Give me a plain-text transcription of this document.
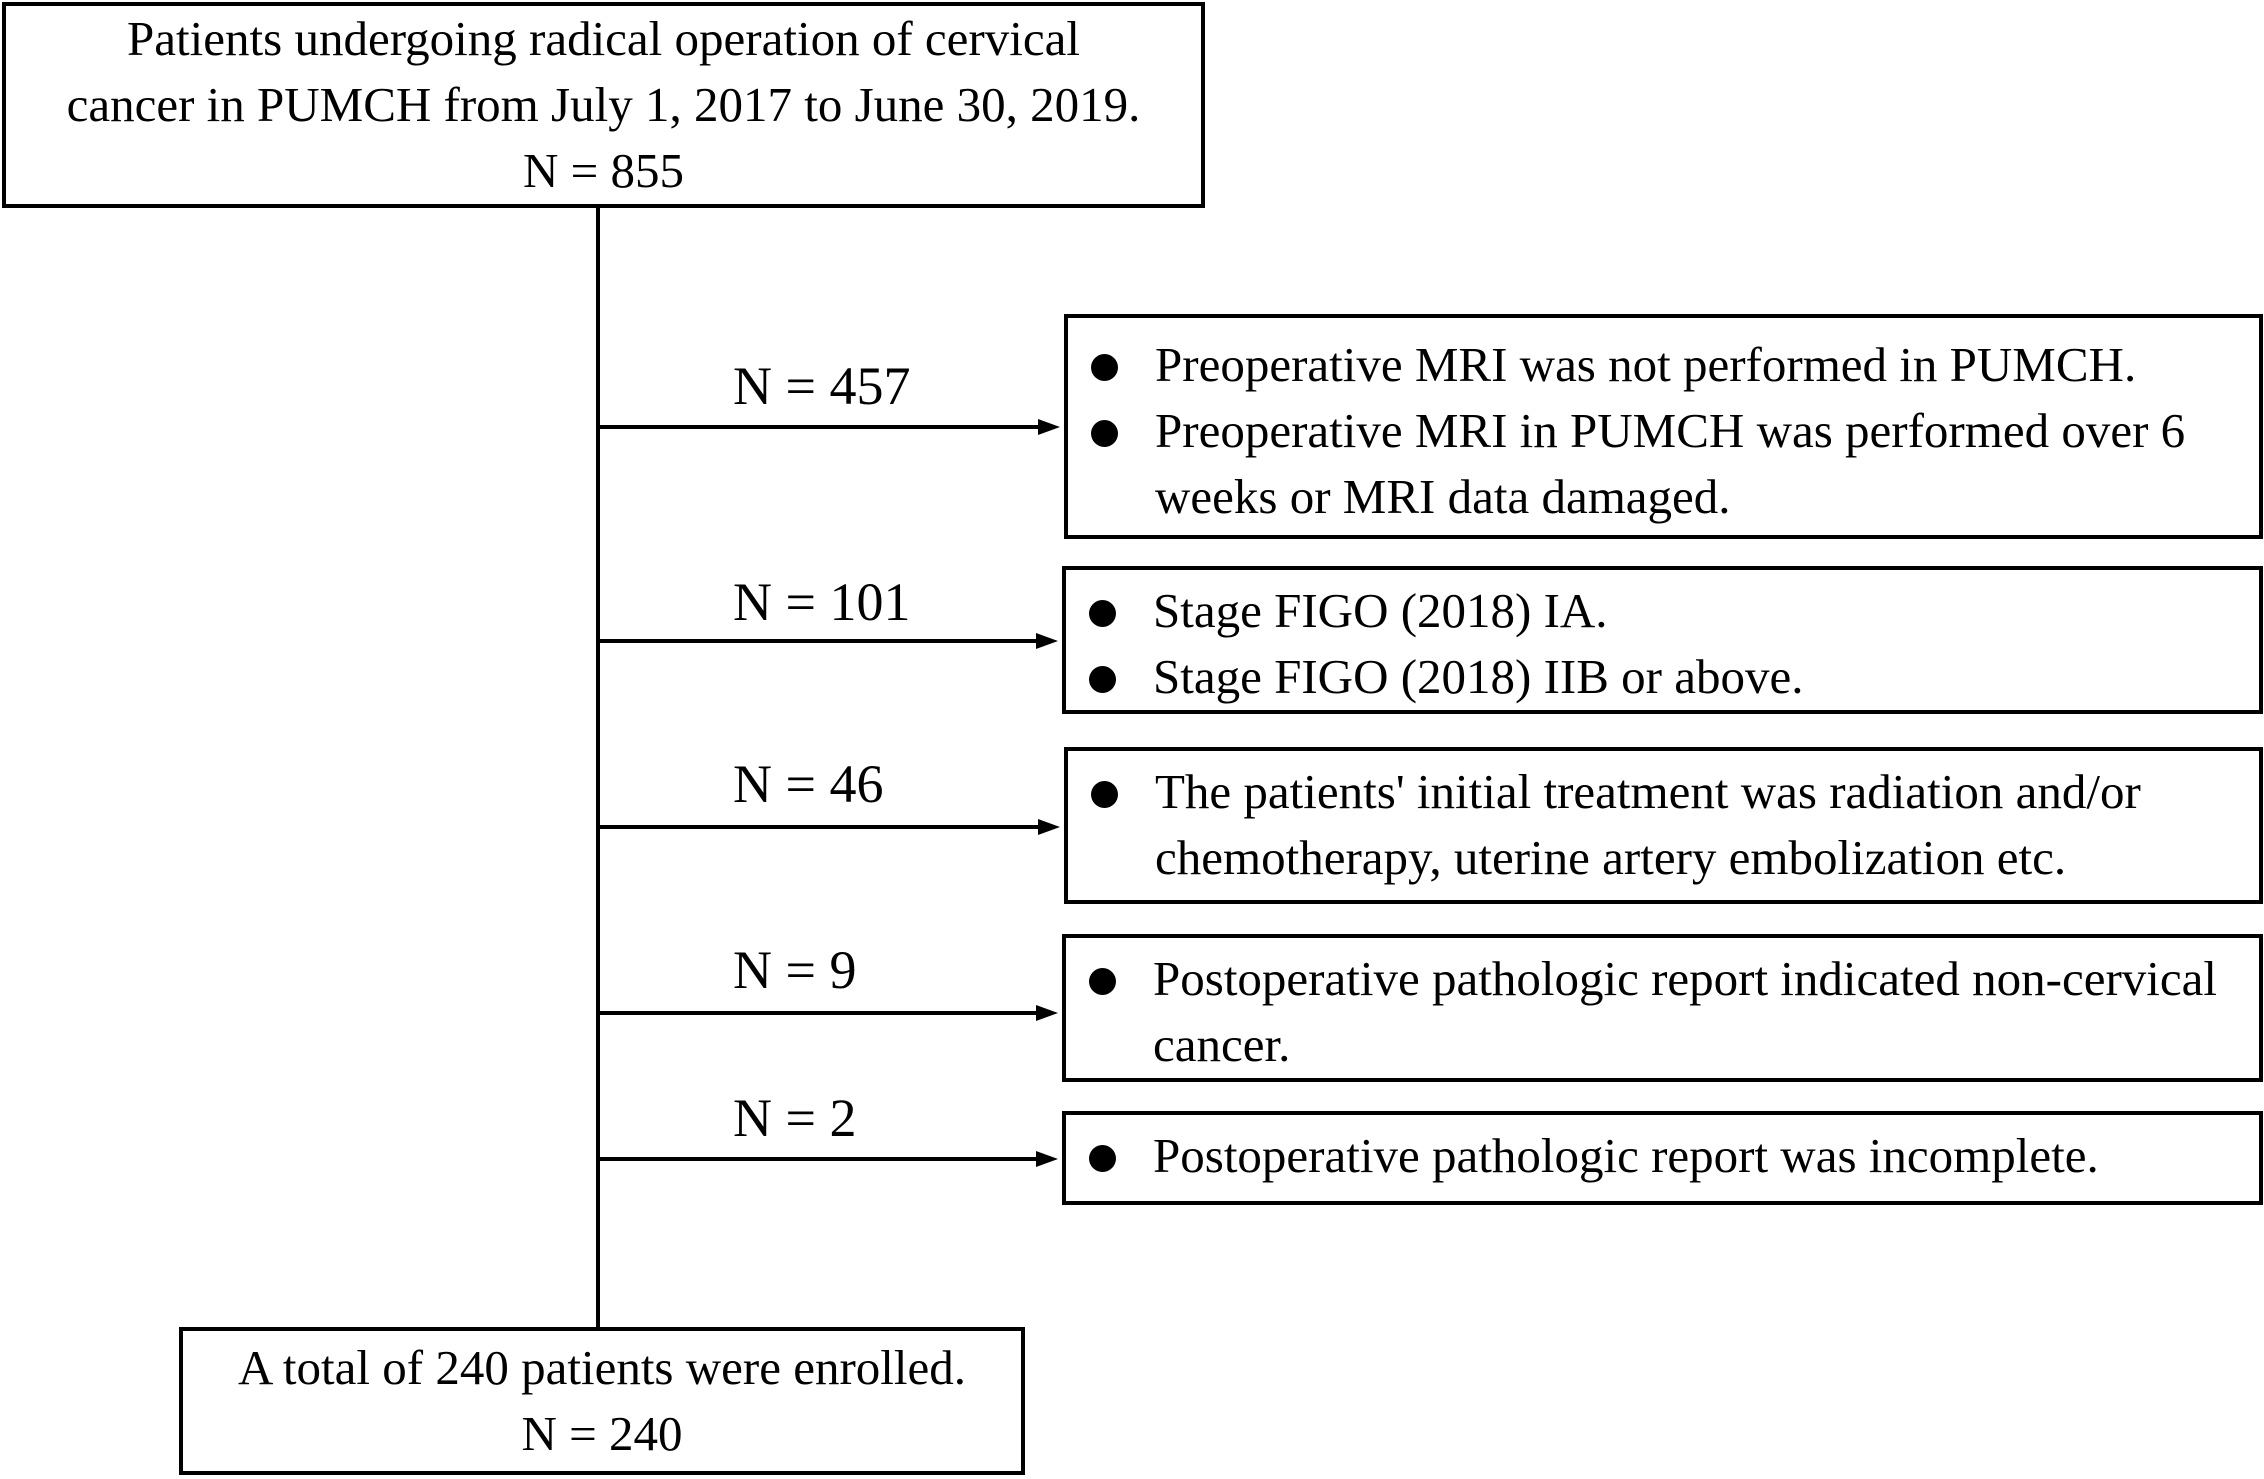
Patients undergoing radical operation of cervical
cancer in PUMCH from July 1, 2017 to June 30, 2019.
N = 855
N = 457
N = 101
N = 46
N = 9
N = 2
Preoperative MRI was not performed in PUMCH.
Preoperative MRI in PUMCH was performed over 6 weeks or MRI data damaged.
Stage FIGO (2018) IA.
Stage FIGO (2018) IIB or above.
The patients' initial treatment was radiation and/or chemotherapy, uterine artery embolization etc.
Postoperative pathologic report indicated non-cervical cancer.
Postoperative pathologic report was incomplete.
A total of 240 patients were enrolled.
N = 240
